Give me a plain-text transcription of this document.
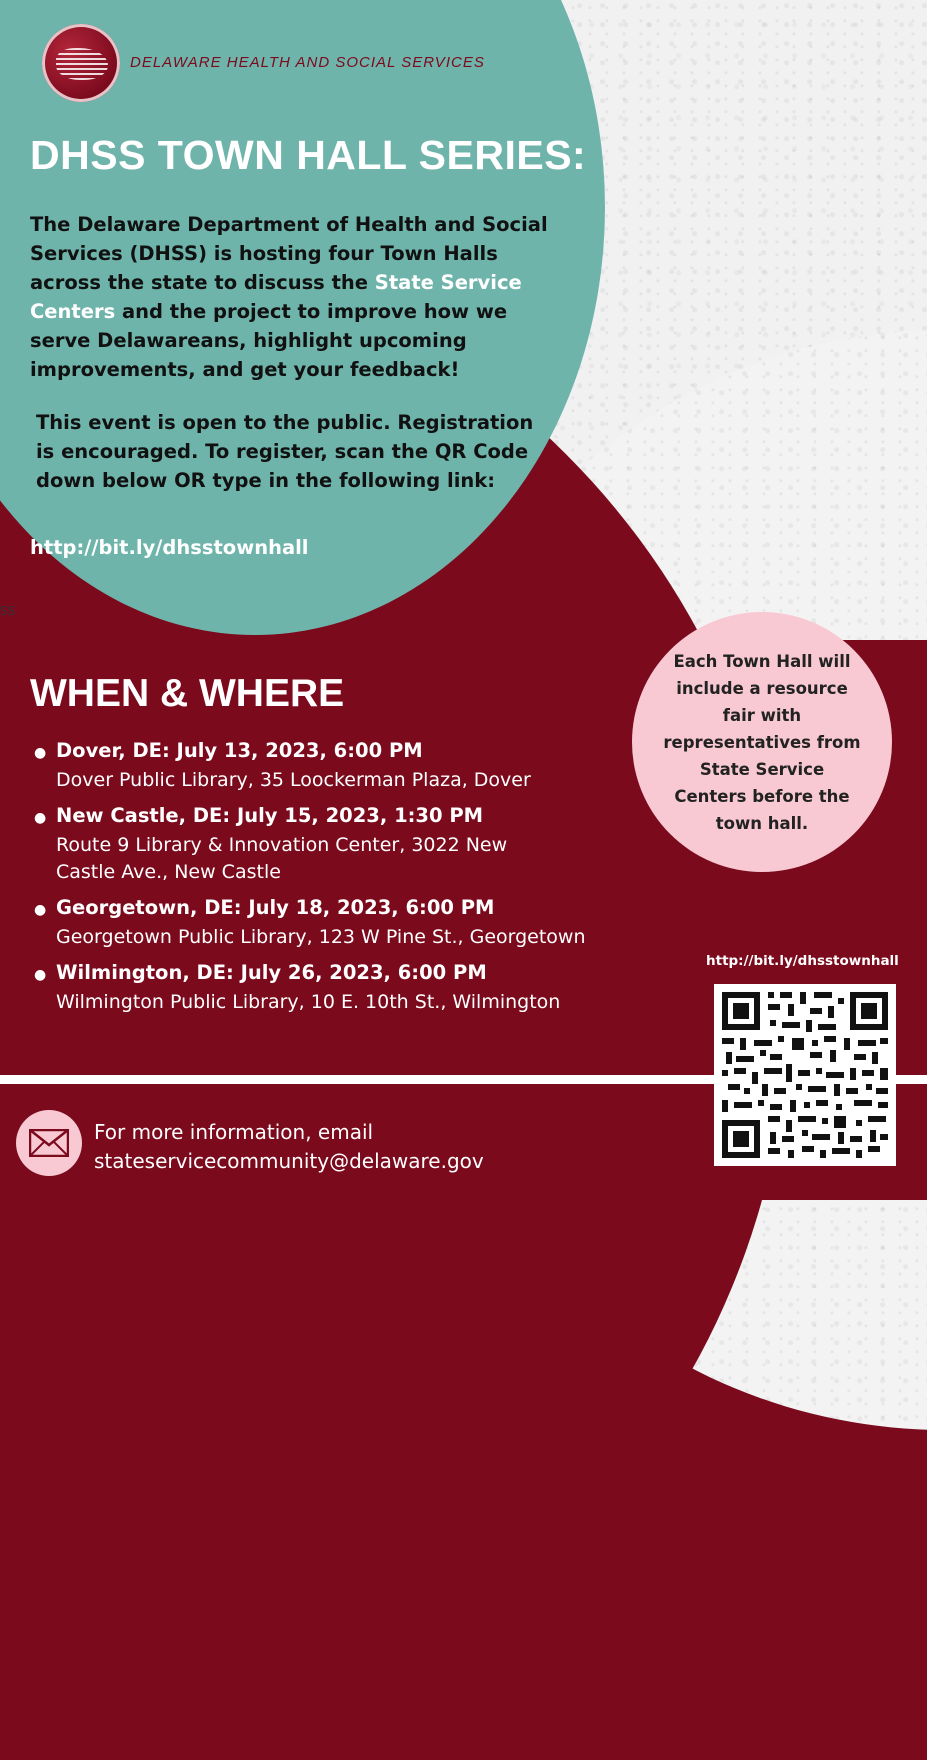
DELAWARE HEALTH AND SOCIAL SERVICES
DHSS TOWN HALL SERIES:

The Delaware Department of Health and Social Services (DHSS) is hosting four Town Halls across the state to discuss the State Service Centers and the project to improve how we serve Delawareans, highlight upcoming improvements, and get your feedback!

This event is open to the public. Registration is encouraged. To register, scan the QR Code down below OR type in the following link:

http://bit.ly/dhsstownhall
SS
WHEN & WHERE
● Dover, DE: July 13, 2023, 6:00 PM
Dover Public Library, 35 Loockerman Plaza, Dover
● New Castle, DE: July 15, 2023, 1:30 PM
Route 9 Library & Innovation Center, 3022 New Castle Ave., New Castle
● Georgetown, DE: July 18, 2023, 6:00 PM
Georgetown Public Library, 123 W Pine St., Georgetown
● Wilmington, DE: July 26, 2023, 6:00 PM
Wilmington Public Library, 10 E. 10th St., Wilmington
Each Town Hall will include a resource fair with representatives from State Service Centers before the town hall.
http://bit.ly/dhsstownhall
For more information, email
stateservicecommunity@delaware.gov
